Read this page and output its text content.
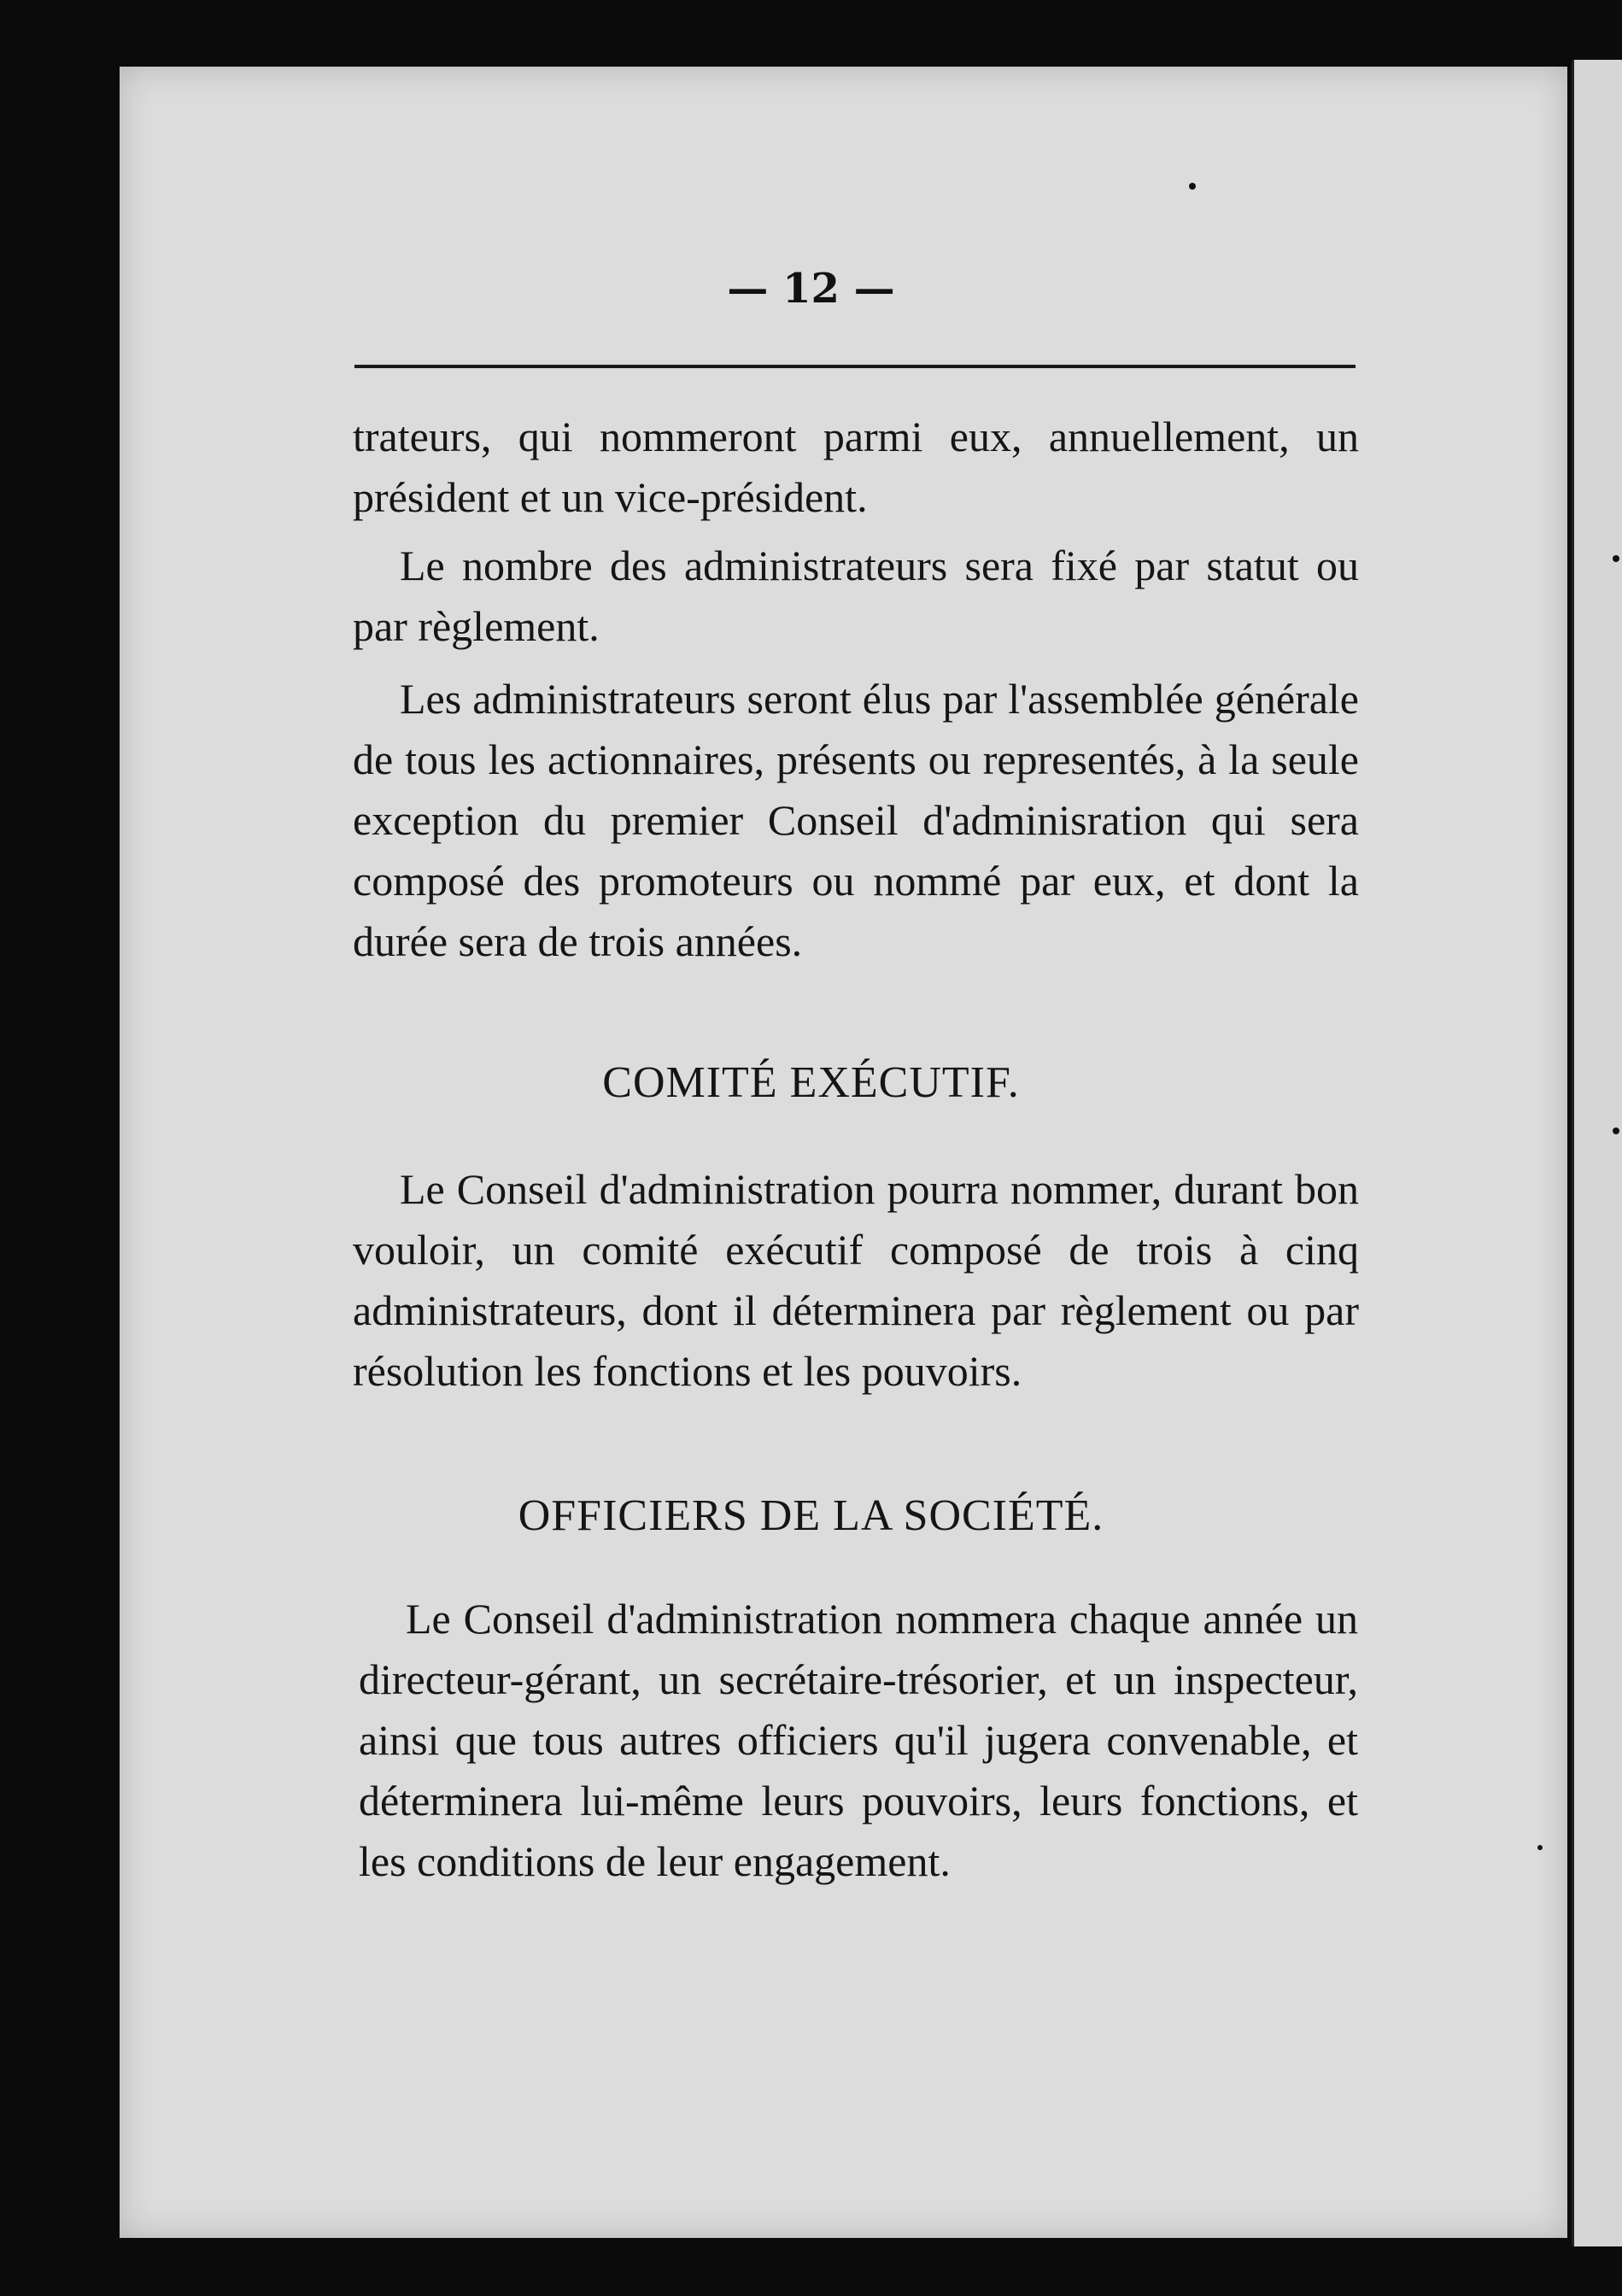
— 12 —

trateurs, qui nommeront parmi eux, annuellement, un président et un vice-président.

Le nombre des administrateurs sera fixé par statut ou par règlement.

Les administrateurs seront élus par l'assemblée générale de tous les actionnaires, présents ou representés, à la seule exception du premier Conseil d'adminisration qui sera composé des promoteurs ou nommé par eux, et dont la durée sera de trois années.

COMITÉ EXÉCUTIF.

Le Conseil d'administration pourra nommer, durant bon vouloir, un comité exécutif composé de trois à cinq administrateurs, dont il déterminera par règlement ou par résolution les fonctions et les pouvoirs.

OFFICIERS DE LA SOCIÉTÉ.

Le Conseil d'administration nommera chaque année un directeur-gérant, un secrétaire-trésorier, et un inspecteur, ainsi que tous autres officiers qu'il jugera convenable, et déterminera lui-même leurs pouvoirs, leurs fonctions, et les conditions de leur engagement.
